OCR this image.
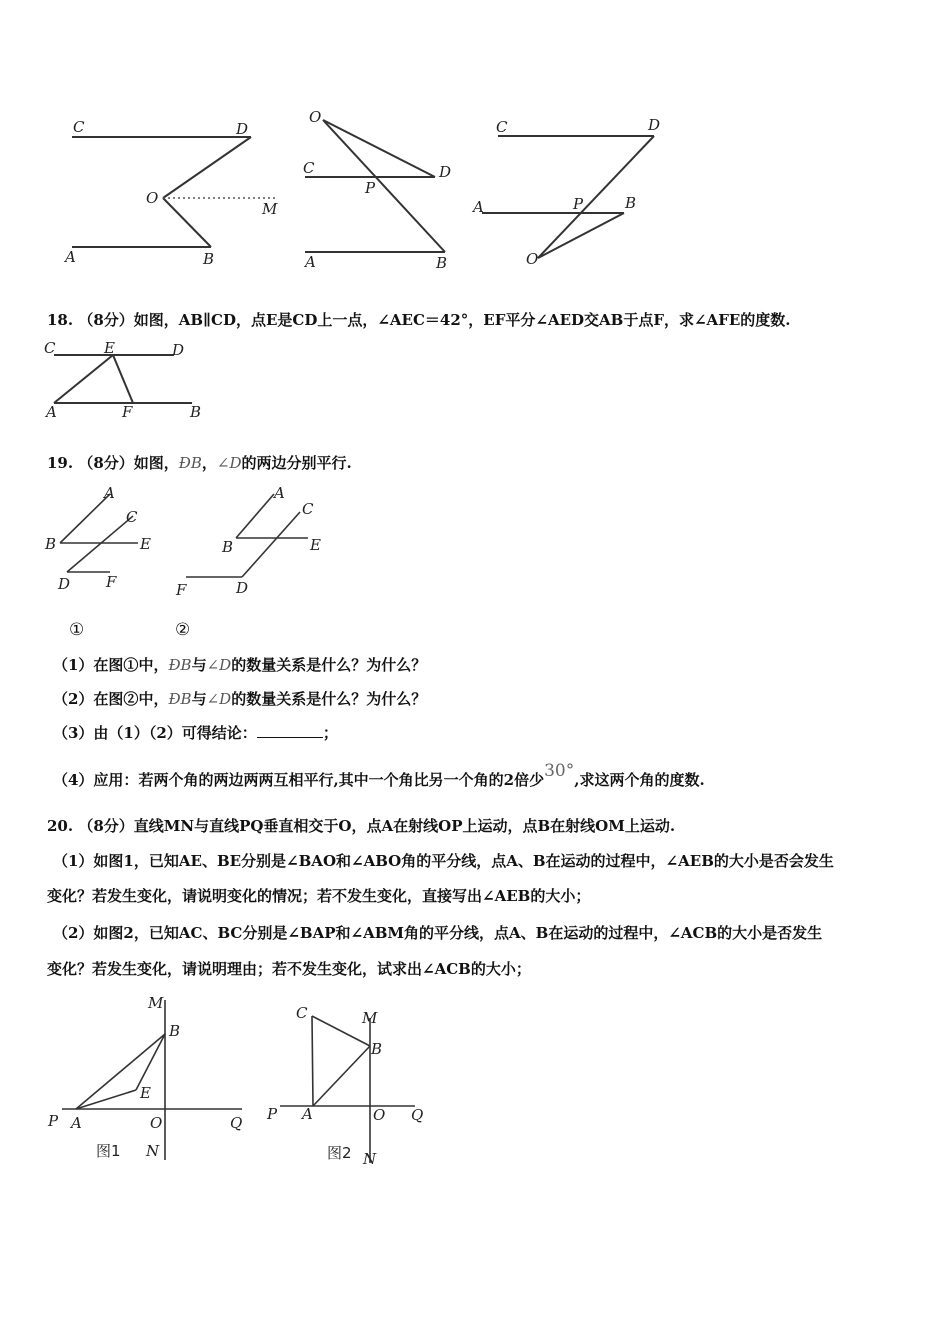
C	D
O
M
A	B
O
C
P
D
A	B
C	D
A	P	B
O
18. （8分）如图，AB∥CD，点E是CD上一点，∠AEC＝42°，EF平分∠AED交AB于点F，求∠AFE的度数.
C	E	D
A	F	B
19. （8分）如图，ÐB，∠D的两边分别平行.
A
C
B	E
D F
A
C
B	E
F	D
①	②
（1）在图①中，ÐB与∠D的数量关系是什么？为什么？
（2）在图②中，ÐB与∠D的数量关系是什么？为什么？
（3）由（1）（2）可得结论：	；
（4）应用：若两个角的两边两两互相平行,其中一个角比另一个角的2倍少30°,求这两个角的度数.
20. （8分）直线MN与直线PQ垂直相交于O，点A在射线OP上运动，点B在射线OM上运动.
（1）如图1，已知AE、BE分别是∠BAO和∠ABO角的平分线，点A、B在运动的过程中，∠AEB的大小是否会发生
变化？若发生变化，请说明变化的情况；若不发生变化，直接写出∠AEB的大小；
（2）如图2，已知AC、BC分别是∠BAP和∠ABM角的平分线，点A、B在运动的过程中，∠ACB的大小是否发生
变化？若发生变化，请说明理由；若不发生变化，试求出∠ACB的大小；
M
B
E
P A	O	Q
图1 N
C	M
B
P A	O Q
图2 N
